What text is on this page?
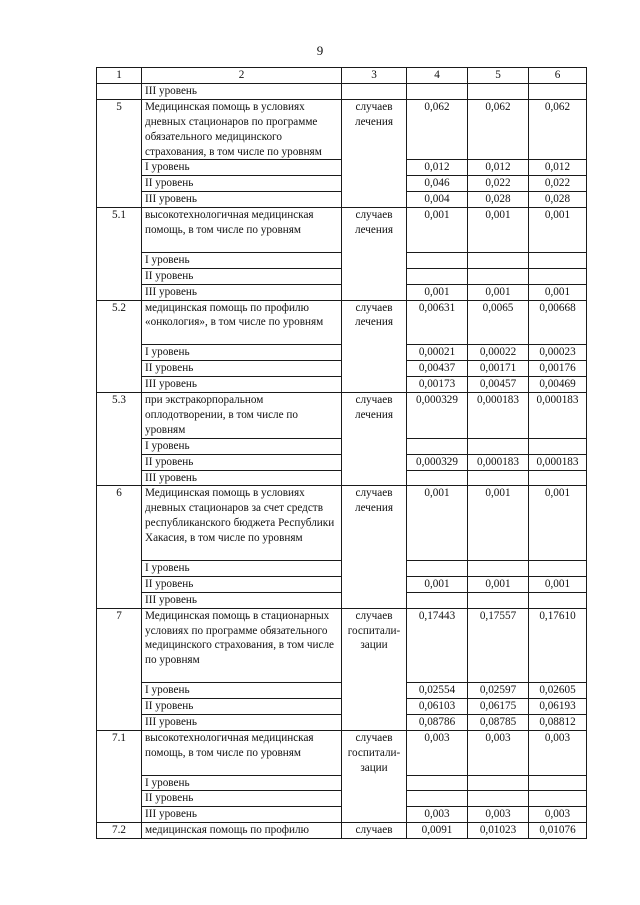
9
1	2	3	4	5	6
	III уровень				
5	Медицинская помощь в условиях дневных стационаров по программе обязательного медицинского страхования, в том числе по уровням	случаев лечения	0,062	0,062	0,062
	I уровень		0,012	0,012	0,012
	II уровень		0,046	0,022	0,022
	III уровень		0,004	0,028	0,028
5.1	высокотехнологичная медицинская помощь, в том числе по уровням	случаев лечения	0,001	0,001	0,001
	I уровень				
	II уровень				
	III уровень		0,001	0,001	0,001
5.2	медицинская помощь по профилю «онкология», в том числе по уровням	случаев лечения	0,00631	0,0065	0,00668
	I уровень		0,00021	0,00022	0,00023
	II уровень		0,00437	0,00171	0,00176
	III уровень		0,00173	0,00457	0,00469
5.3	при экстракорпоральном оплодотворении, в том числе по уровням	случаев лечения	0,000329	0,000183	0,000183
	I уровень				
	II уровень		0,000329	0,000183	0,000183
	III уровень				
6	Медицинская помощь в условиях дневных стационаров за счет средств республиканского бюджета Республики Хакасия, в том числе по уровням	случаев лечения	0,001	0,001	0,001
	I уровень				
	II уровень		0,001	0,001	0,001
	III уровень				
7	Медицинская помощь в стационарных условиях по программе обязательного медицинского страхования, в том числе по уровням	случаев госпитали-зации	0,17443	0,17557	0,17610
	I уровень		0,02554	0,02597	0,02605
	II уровень		0,06103	0,06175	0,06193
	III уровень		0,08786	0,08785	0,08812
7.1	высокотехнологичная медицинская помощь, в том числе по уровням	случаев госпитали-зации	0,003	0,003	0,003
	I уровень				
	II уровень				
	III уровень		0,003	0,003	0,003
7.2	медицинская помощь по профилю	случаев	0,0091	0,01023	0,01076
